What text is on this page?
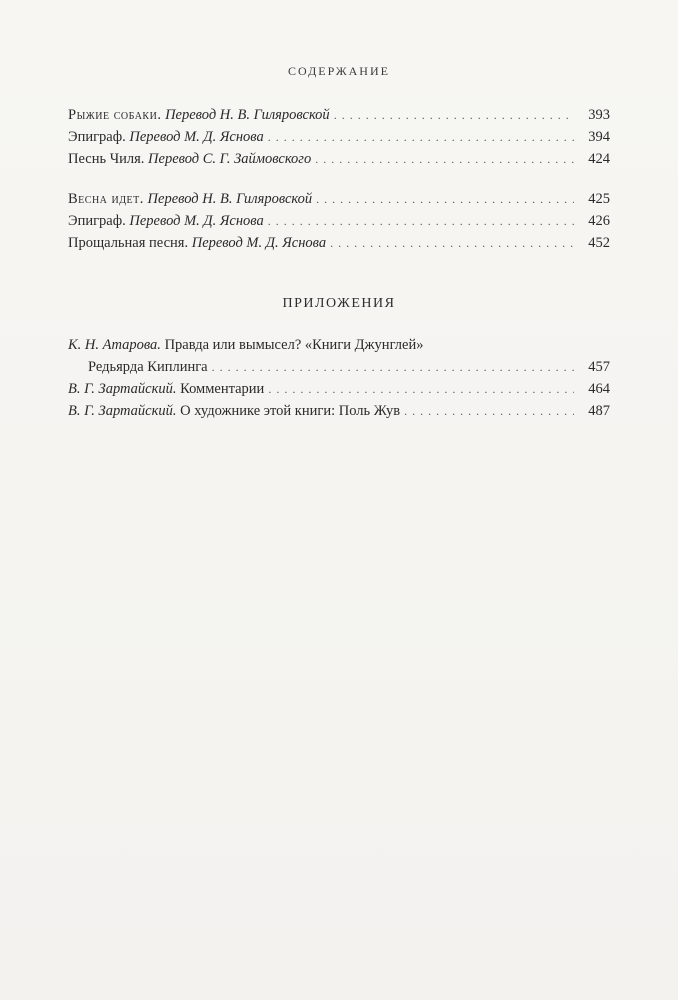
СОДЕРЖАНИЕ
Рыжие собаки. Перевод Н. В. Гиляровской . . .	393
Эпиграф. Перевод М. Д. Яснова . . .	394
Песнь Чиля. Перевод С. Г. Займовского . . .	424
Весна идет. Перевод Н. В. Гиляровской . . .	425
Эпиграф. Перевод М. Д. Яснова . . .	426
Прощальная песня. Перевод М. Д. Яснова . . .	452
ПРИЛОЖЕНИЯ
К. Н. Атарова. Правда или вымысел? «Книги Джунглей»
Редьярда Киплинга . . .	457
В. Г. Зартайский. Комментарии . . .	464
В. Г. Зартайский. О художнике этой книги: Поль Жув . . .	487
